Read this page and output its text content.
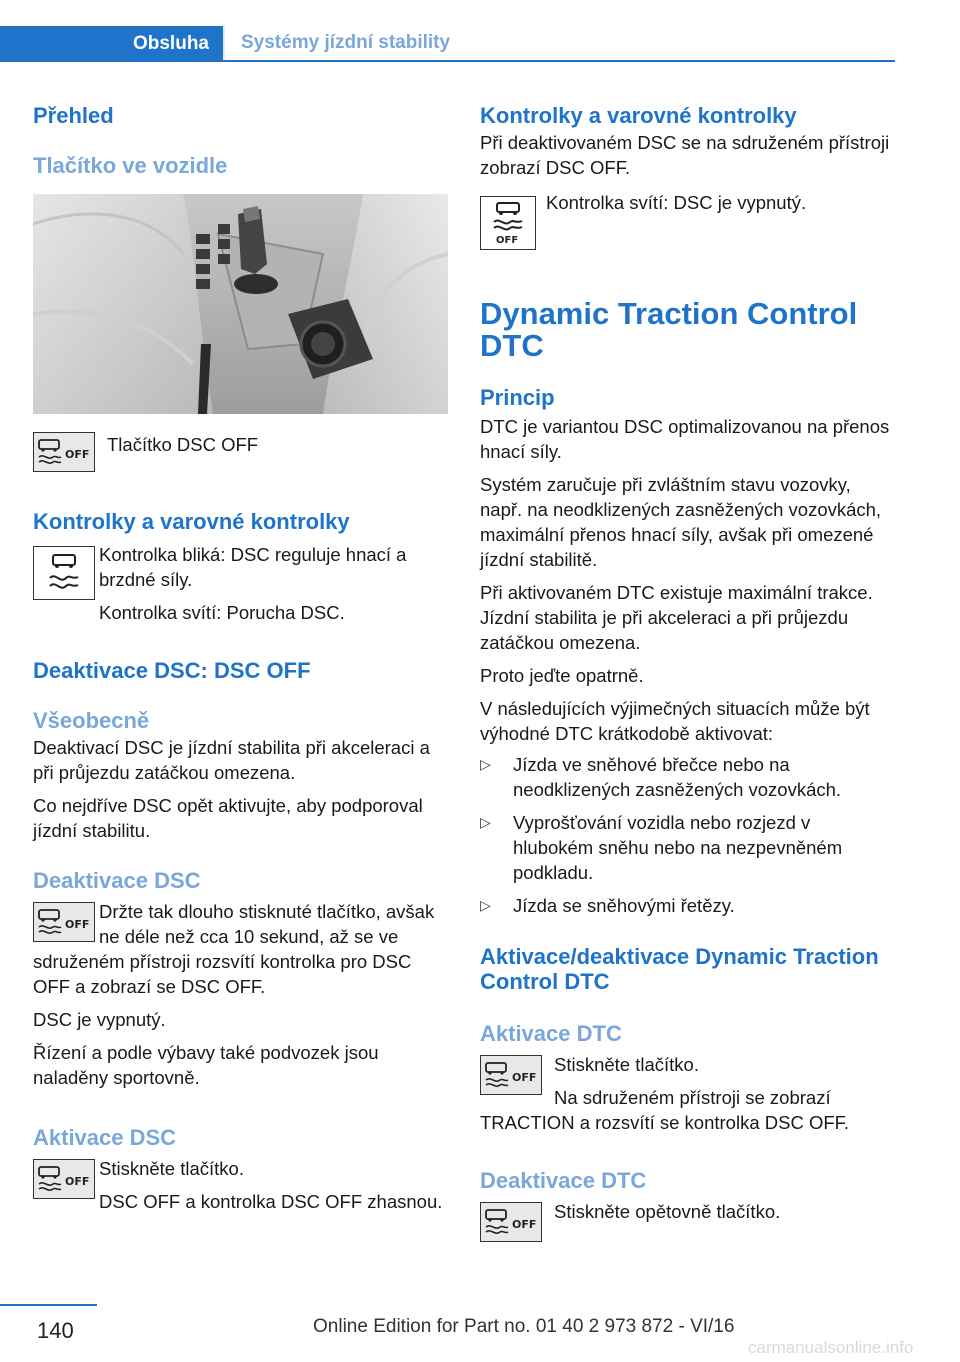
Obsluha	Systémy jízdní stability
Přehled
Tlačítko ve vozidle
OFF Tlačítko DSC OFF

Kontrolky a varovné kontrolky

Kontrolka bliká: DSC reguluje hnací a brzdné síly.

Kontrolka svítí: Porucha DSC.

Deaktivace DSC: DSC OFF
Všeobecně

Deaktivací DSC je jízdní stabilita při akceleraci a při průjezdu zatáčkou omezena.

Co nejdříve DSC opět aktivujte, aby podporoval jízdní stabilitu.

Deaktivace DSC
OFF

Držte tak dlouho stisknuté tlačítko, avšak ne déle než cca 10 sekund, až se ve sdruženém přístroji rozsvítí kontrolka pro DSC OFF a zobrazí se DSC OFF.

DSC je vypnutý.

Řízení a podle výbavy také podvozek jsou naladěny sportovně.

Aktivace DSC
OFF

Stiskněte tlačítko.

DSC OFF a kontrolka DSC OFF zhasnou.

Kontrolky a varovné kontrolky

Při deaktivovaném DSC se na sdruženém přístroji zobrazí DSC OFF.

OFF

Kontrolka svítí: DSC je vypnutý.

Dynamic Traction Control
DTC
Princip

DTC je variantou DSC optimalizovanou na přenos hnací síly.

Systém zaručuje při zvláštním stavu vozovky, např. na neodklizených zasněžených vozovkách, maximální přenos hnací síly, avšak při omezené jízdní stabilitě.

Při aktivovaném DTC existuje maximální trakce. Jízdní stabilita je při akceleraci a při průjezdu zatáčkou omezena.

Proto jeďte opatrně.

V následujících výjimečných situacích může být výhodné DTC krátkodobě aktivovat:

▷ Jízda ve sněhové břečce nebo na neodklizených zasněžených vozovkách.
▷ Vyprošťování vozidla nebo rozjezd v hlubokém sněhu nebo na nezpevněném podkladu.
▷ Jízda se sněhovými řetězy.
Aktivace/deaktivace Dynamic Traction Control DTC
Aktivace DTC
OFF

Stiskněte tlačítko.

Na sdruženém přístroji se zobrazí TRACTION a rozsvítí se kontrolka DSC OFF.

Deaktivace DTC
OFF

Stiskněte opětovně tlačítko.

140	Online Edition for Part no. 01 40 2 973 872 - VI/16
carmanualsonline.info
